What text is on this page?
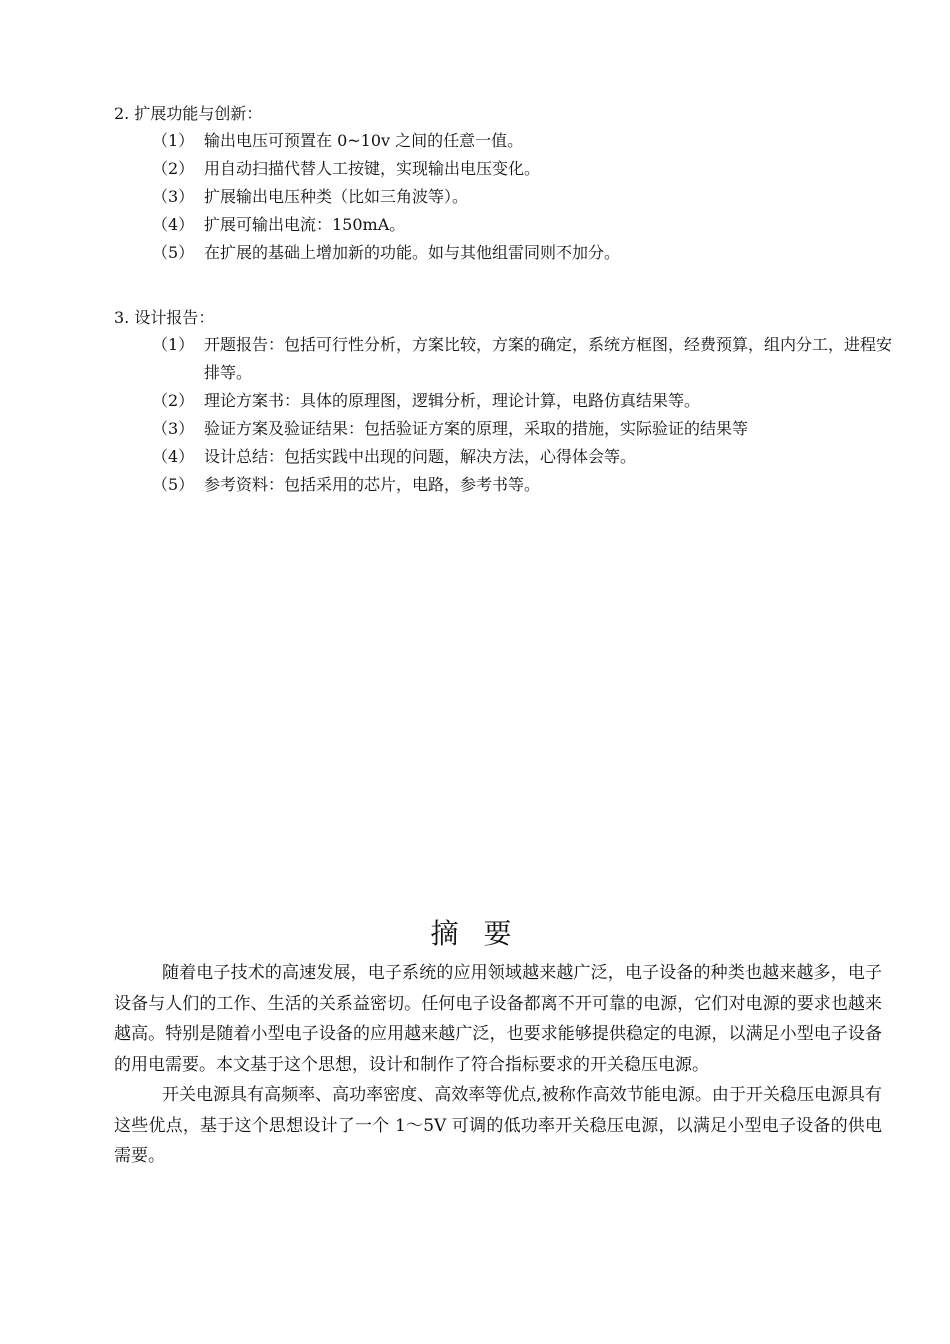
2. 扩展功能与创新：
（1） 输出电压可预置在 0~10v 之间的任意一值。
（2） 用自动扫描代替人工按键，实现输出电压变化。
（3） 扩展输出电压种类（比如三角波等）。
（4） 扩展可输出电流：150mA。
（5） 在扩展的基础上增加新的功能。如与其他组雷同则不加分。
3. 设计报告：
（1） 开题报告：包括可行性分析，方案比较，方案的确定，系统方框图，经费预算，组内分工，进程安排等。
（2） 理论方案书：具体的原理图，逻辑分析，理论计算，电路仿真结果等。
（3） 验证方案及验证结果：包括验证方案的原理，采取的措施，实际验证的结果等
（4） 设计总结：包括实践中出现的问题，解决方法，心得体会等。
（5） 参考资料：包括采用的芯片，电路，参考书等。
摘 要

随着电子技术的高速发展，电子系统的应用领域越来越广泛，电子设备的种类也越来越多，电子设备与人们的工作、生活的关系益密切。任何电子设备都离不开可靠的电源，它们对电源的要求也越来越高。特别是随着小型电子设备的应用越来越广泛，也要求能够提供稳定的电源，以满足小型电子设备的用电需要。本文基于这个思想，设计和制作了符合指标要求的开关稳压电源。

开关电源具有高频率、高功率密度、高效率等优点,被称作高效节能电源。由于开关稳压电源具有这些优点，基于这个思想设计了一个 1～5V 可调的低功率开关稳压电源，以满足小型电子设备的供电需要。
